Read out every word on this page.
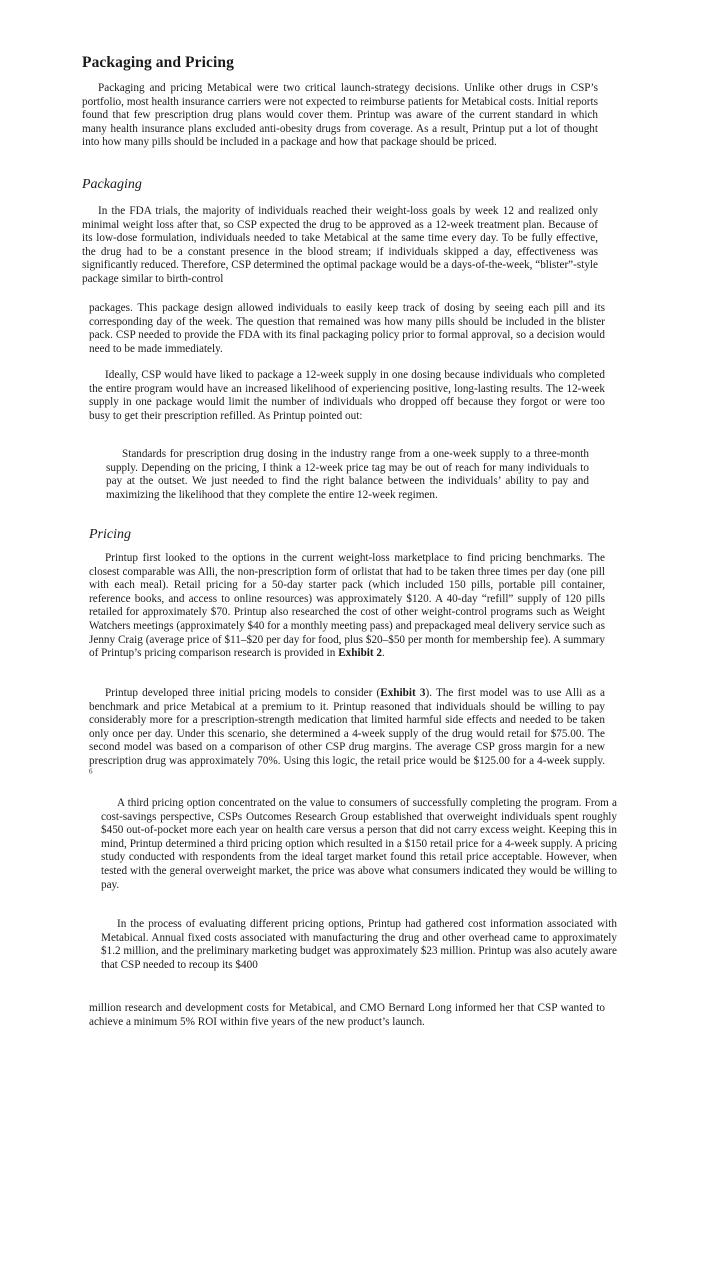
Packaging and Pricing

Packaging and pricing Metabical were two critical launch-strategy decisions. Unlike other drugs in CSP’s portfolio, most health insurance carriers were not expected to reimburse patients for Metabical costs. Initial reports found that few prescription drug plans would cover them. Printup was aware of the current standard in which many health insurance plans excluded anti-obesity drugs from coverage. As a result, Printup put a lot of thought into how many pills should be included in a package and how that package should be priced.

Packaging

In the FDA trials, the majority of individuals reached their weight-loss goals by week 12 and realized only minimal weight loss after that, so CSP expected the drug to be approved as a 12-week treatment plan. Because of its low-dose formulation, individuals needed to take Metabical at the same time every day. To be fully effective, the drug had to be a constant presence in the blood stream; if individuals skipped a day, effectiveness was significantly reduced. Therefore, CSP determined the optimal package would be a days-of-the-week, “blister”-style package similar to birth-control

packages. This package design allowed individuals to easily keep track of dosing by seeing each pill and its corresponding day of the week. The question that remained was how many pills should be included in the blister pack. CSP needed to provide the FDA with its final packaging policy prior to formal approval, so a decision would need to be made immediately.

Ideally, CSP would have liked to package a 12-week supply in one dosing because individuals who completed the entire program would have an increased likelihood of experiencing positive, long-lasting results. The 12-week supply in one package would limit the number of individuals who dropped off because they forgot or were too busy to get their prescription refilled. As Printup pointed out:

Standards for prescription drug dosing in the industry range from a one-week supply to a three-month supply. Depending on the pricing, I think a 12-week price tag may be out of reach for many individuals to pay at the outset. We just needed to find the right balance between the individuals’ ability to pay and maximizing the likelihood that they complete the entire 12-week regimen.
Pricing

Printup first looked to the options in the current weight-loss marketplace to find pricing benchmarks. The closest comparable was Alli, the non-prescription form of orlistat that had to be taken three times per day (one pill with each meal). Retail pricing for a 50-day starter pack (which included 150 pills, portable pill container, reference books, and access to online resources) was approximately $120. A 40-day “refill” supply of 120 pills retailed for approximately $70. Printup also researched the cost of other weight-control programs such as Weight Watchers meetings (approximately $40 for a monthly meeting pass) and prepackaged meal delivery service such as Jenny Craig (average price of $11–$20 per day for food, plus $20–$50 per month for membership fee). A summary of Printup’s pricing comparison research is provided in Exhibit 2.

Printup developed three initial pricing models to consider (Exhibit 3). The first model was to use Alli as a benchmark and price Metabical at a premium to it. Printup reasoned that individuals should be willing to pay considerably more for a prescription-strength medication that limited harmful side effects and needed to be taken only once per day. Under this scenario, she determined a 4-week supply of the drug would retail for $75.00. The second model was based on a comparison of other CSP drug margins. The average CSP gross margin for a new prescription drug was approximately 70%. Using this logic, the retail price would be $125.00 for a 4-week supply. $^6$

A third pricing option concentrated on the value to consumers of successfully completing the program. From a cost-savings perspective, CSPs Outcomes Research Group established that overweight individuals spent roughly $450 out-of-pocket more each year on health care versus a person that did not carry excess weight. Keeping this in mind, Printup determined a third pricing option which resulted in a $150 retail price for a 4-week supply. A pricing study conducted with respondents from the ideal target market found this retail price acceptable. However, when tested with the general overweight market, the price was above what consumers indicated they would be willing to pay.

In the process of evaluating different pricing options, Printup had gathered cost information associated with Metabical. Annual fixed costs associated with manufacturing the drug and other overhead came to approximately $1.2 million, and the preliminary marketing budget was approximately $23 million. Printup was also acutely aware that CSP needed to recoup its $400

million research and development costs for Metabical, and CMO Bernard Long informed her that CSP wanted to achieve a minimum 5% ROI within five years of the new product’s launch.
